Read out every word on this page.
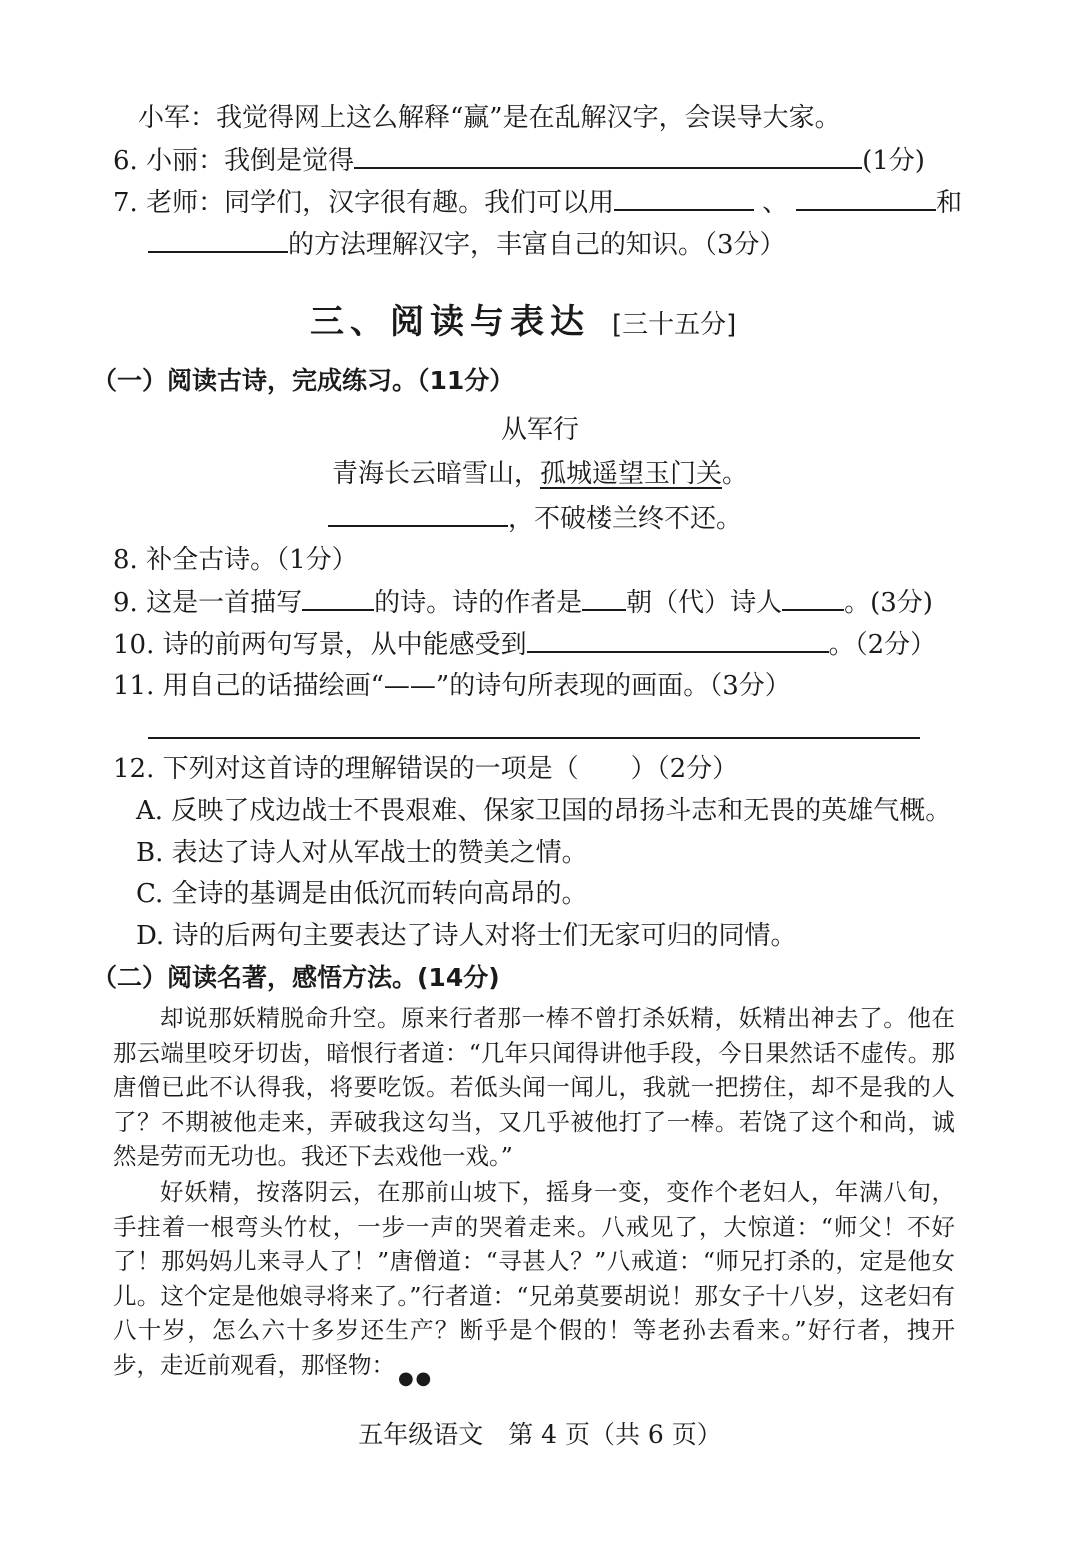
小军：我觉得网上这么解释“赢”是在乱解汉字，会误导大家。
6. 小丽：我倒是觉得	(1分)
7. 老师：同学们，汉字很有趣。我们可以用	、	和
的方法理解汉字，丰富自己的知识。（3分）
三、阅读与表达 [三十五分]
（一）阅读古诗，完成练习。（11分）
从军行
青海长云暗雪山，孤城遥望玉门关。
，不破楼兰终不还。
8. 补全古诗。（1分）
9. 这是一首描写	的诗。诗的作者是 朝（代）诗人 。(3分)
10. 诗的前两句写景，从中能感受到	。（2分）
11. 用自己的话描绘画“——”的诗句所表现的画面。（3分）
12. 下列对这首诗的理解错误的一项是（　　）（2分）
A. 反映了戍边战士不畏艰难、保家卫国的昂扬斗志和无畏的英雄气概。
B. 表达了诗人对从军战士的赞美之情。
C. 全诗的基调是由低沉而转向高昂的。
D. 诗的后两句主要表达了诗人对将士们无家可归的同情。
（二）阅读名著，感悟方法。(14分)
却说那妖精脱命升空。原来行者那一棒不曾打杀妖精，妖精出神去了。他在那云端里咬牙切齿，暗恨行者道：“几年只闻得讲他手段，今日果然话不虚传。那唐僧已此不认得我，将要吃饭。若低头闻一闻儿，我就一把捞住，却不是我的人了？不期被他走来，弄破我这勾当，又几乎被他打了一棒。若饶了这个和尚，诚然是劳而无功也。我还下去戏他一戏。”
好妖精，按落阴云，在那前山坡下，摇身一变，变作个老妇人，年满八旬，手拄着一根弯头竹杖，一步一声的哭着走来。八戒见了，大惊道：“师父！不好了！那妈妈儿来寻人了！”唐僧道：“寻甚人？”八戒道：“师兄打杀的，定是他女儿。这个定是他娘寻将来了。”行者道：“兄弟莫要胡说！那女子十八岁，这老妇有八十岁，怎么六十多岁还生产？断乎是个假的！等老孙去看来。”好行者，拽开步，走近前观看，那怪物： ● ●
五年级语文　第 4 页（共 6 页）
